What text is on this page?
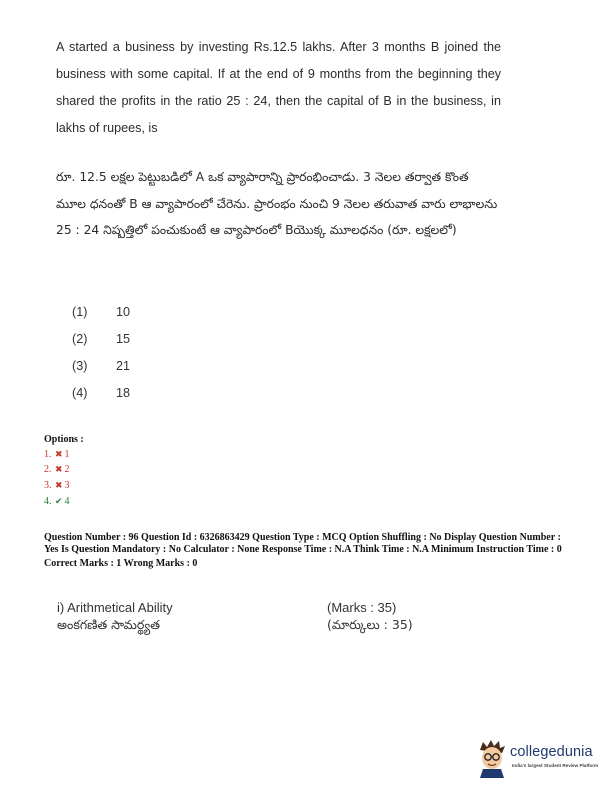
A started a business by investing Rs.12.5 lakhs. After 3 months B joined the business with some capital. If at the end of 9 months from the beginning they shared the profits in the ratio 25 : 24, then the capital of B in the business, in lakhs of rupees, is
రూ. 12.5 లక్షల పెట్టుబడిలో A ఒక వ్యాపారాన్ని ప్రారంభించాడు. 3 నెలల తర్వాత కొంత మూల ధనంతో B ఆ వ్యాపారంలో చేరెను. ప్రారంభం నుంచి 9 నెలల తరువాత వారు లాభాలను 25 : 24 నిష్పత్తిలో పంచుకుంటే ఆ వ్యాపారంలో Bయొక్క మూలధనం (రూ. లక్షలలో)
(1) 10
(2) 15
(3) 21
(4) 18
Options :
1. ✖ 1
2. ✖ 2
3. ✖ 3
4. ✔ 4
Question Number : 96 Question Id : 6326863429 Question Type : MCQ Option Shuffling : No Display Question Number : Yes Is Question Mandatory : No Calculator : None Response Time : N.A Think Time : N.A Minimum Instruction Time : 0
Correct Marks : 1 Wrong Marks : 0
i) Arithmetical Ability
అంకగణిత సామర్థ్యత
(Marks : 35)
(మార్కులు : 35)
collegedunia
India's largest Student Review Platform
